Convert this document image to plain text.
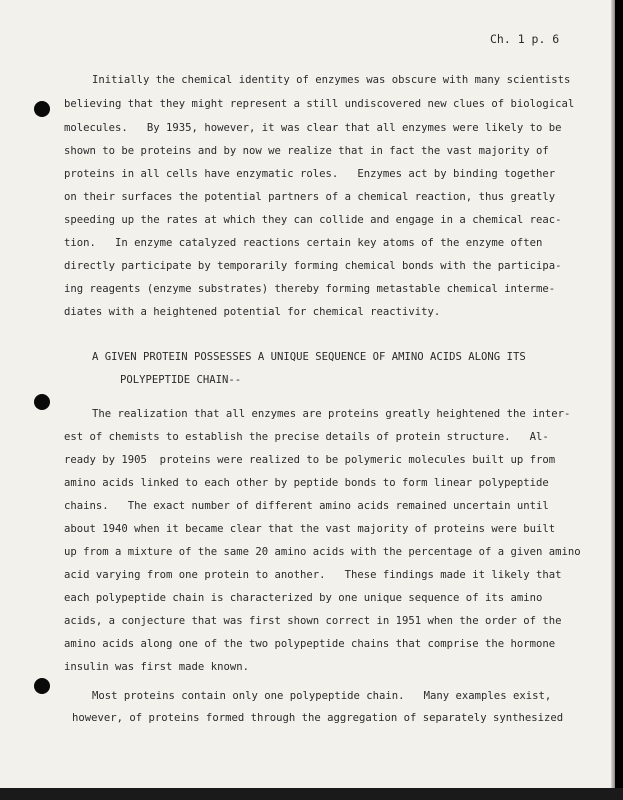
Ch. 1 p. 6
Initially the chemical identity of enzymes was obscure with many scientists
believing that they might represent a still undiscovered new clues of biological
molecules.   By 1935, however, it was clear that all enzymes were likely to be
shown to be proteins and by now we realize that in fact the vast majority of
proteins in all cells have enzymatic roles.   Enzymes act by binding together
on their surfaces the potential partners of a chemical reaction, thus greatly
speeding up the rates at which they can collide and engage in a chemical reac-
tion.   In enzyme catalyzed reactions certain key atoms of the enzyme often
directly participate by temporarily forming chemical bonds with the participa-
ing reagents (enzyme substrates) thereby forming metastable chemical interme-
diates with a heightened potential for chemical reactivity.
A GIVEN PROTEIN POSSESSES A UNIQUE SEQUENCE OF AMINO ACIDS ALONG ITS
POLYPEPTIDE CHAIN--
The realization that all enzymes are proteins greatly heightened the inter-
est of chemists to establish the precise details of protein structure.   Al-
ready by 1905  proteins were realized to be polymeric molecules built up from
amino acids linked to each other by peptide bonds to form linear polypeptide
chains.   The exact number of different amino acids remained uncertain until
about 1940 when it became clear that the vast majority of proteins were built
up from a mixture of the same 20 amino acids with the percentage of a given amino
acid varying from one protein to another.   These findings made it likely that
each polypeptide chain is characterized by one unique sequence of its amino
acids, a conjecture that was first shown correct in 1951 when the order of the
amino acids along one of the two polypeptide chains that comprise the hormone
insulin was first made known.
Most proteins contain only one polypeptide chain.   Many examples exist,
however, of proteins formed through the aggregation of separately synthesized
